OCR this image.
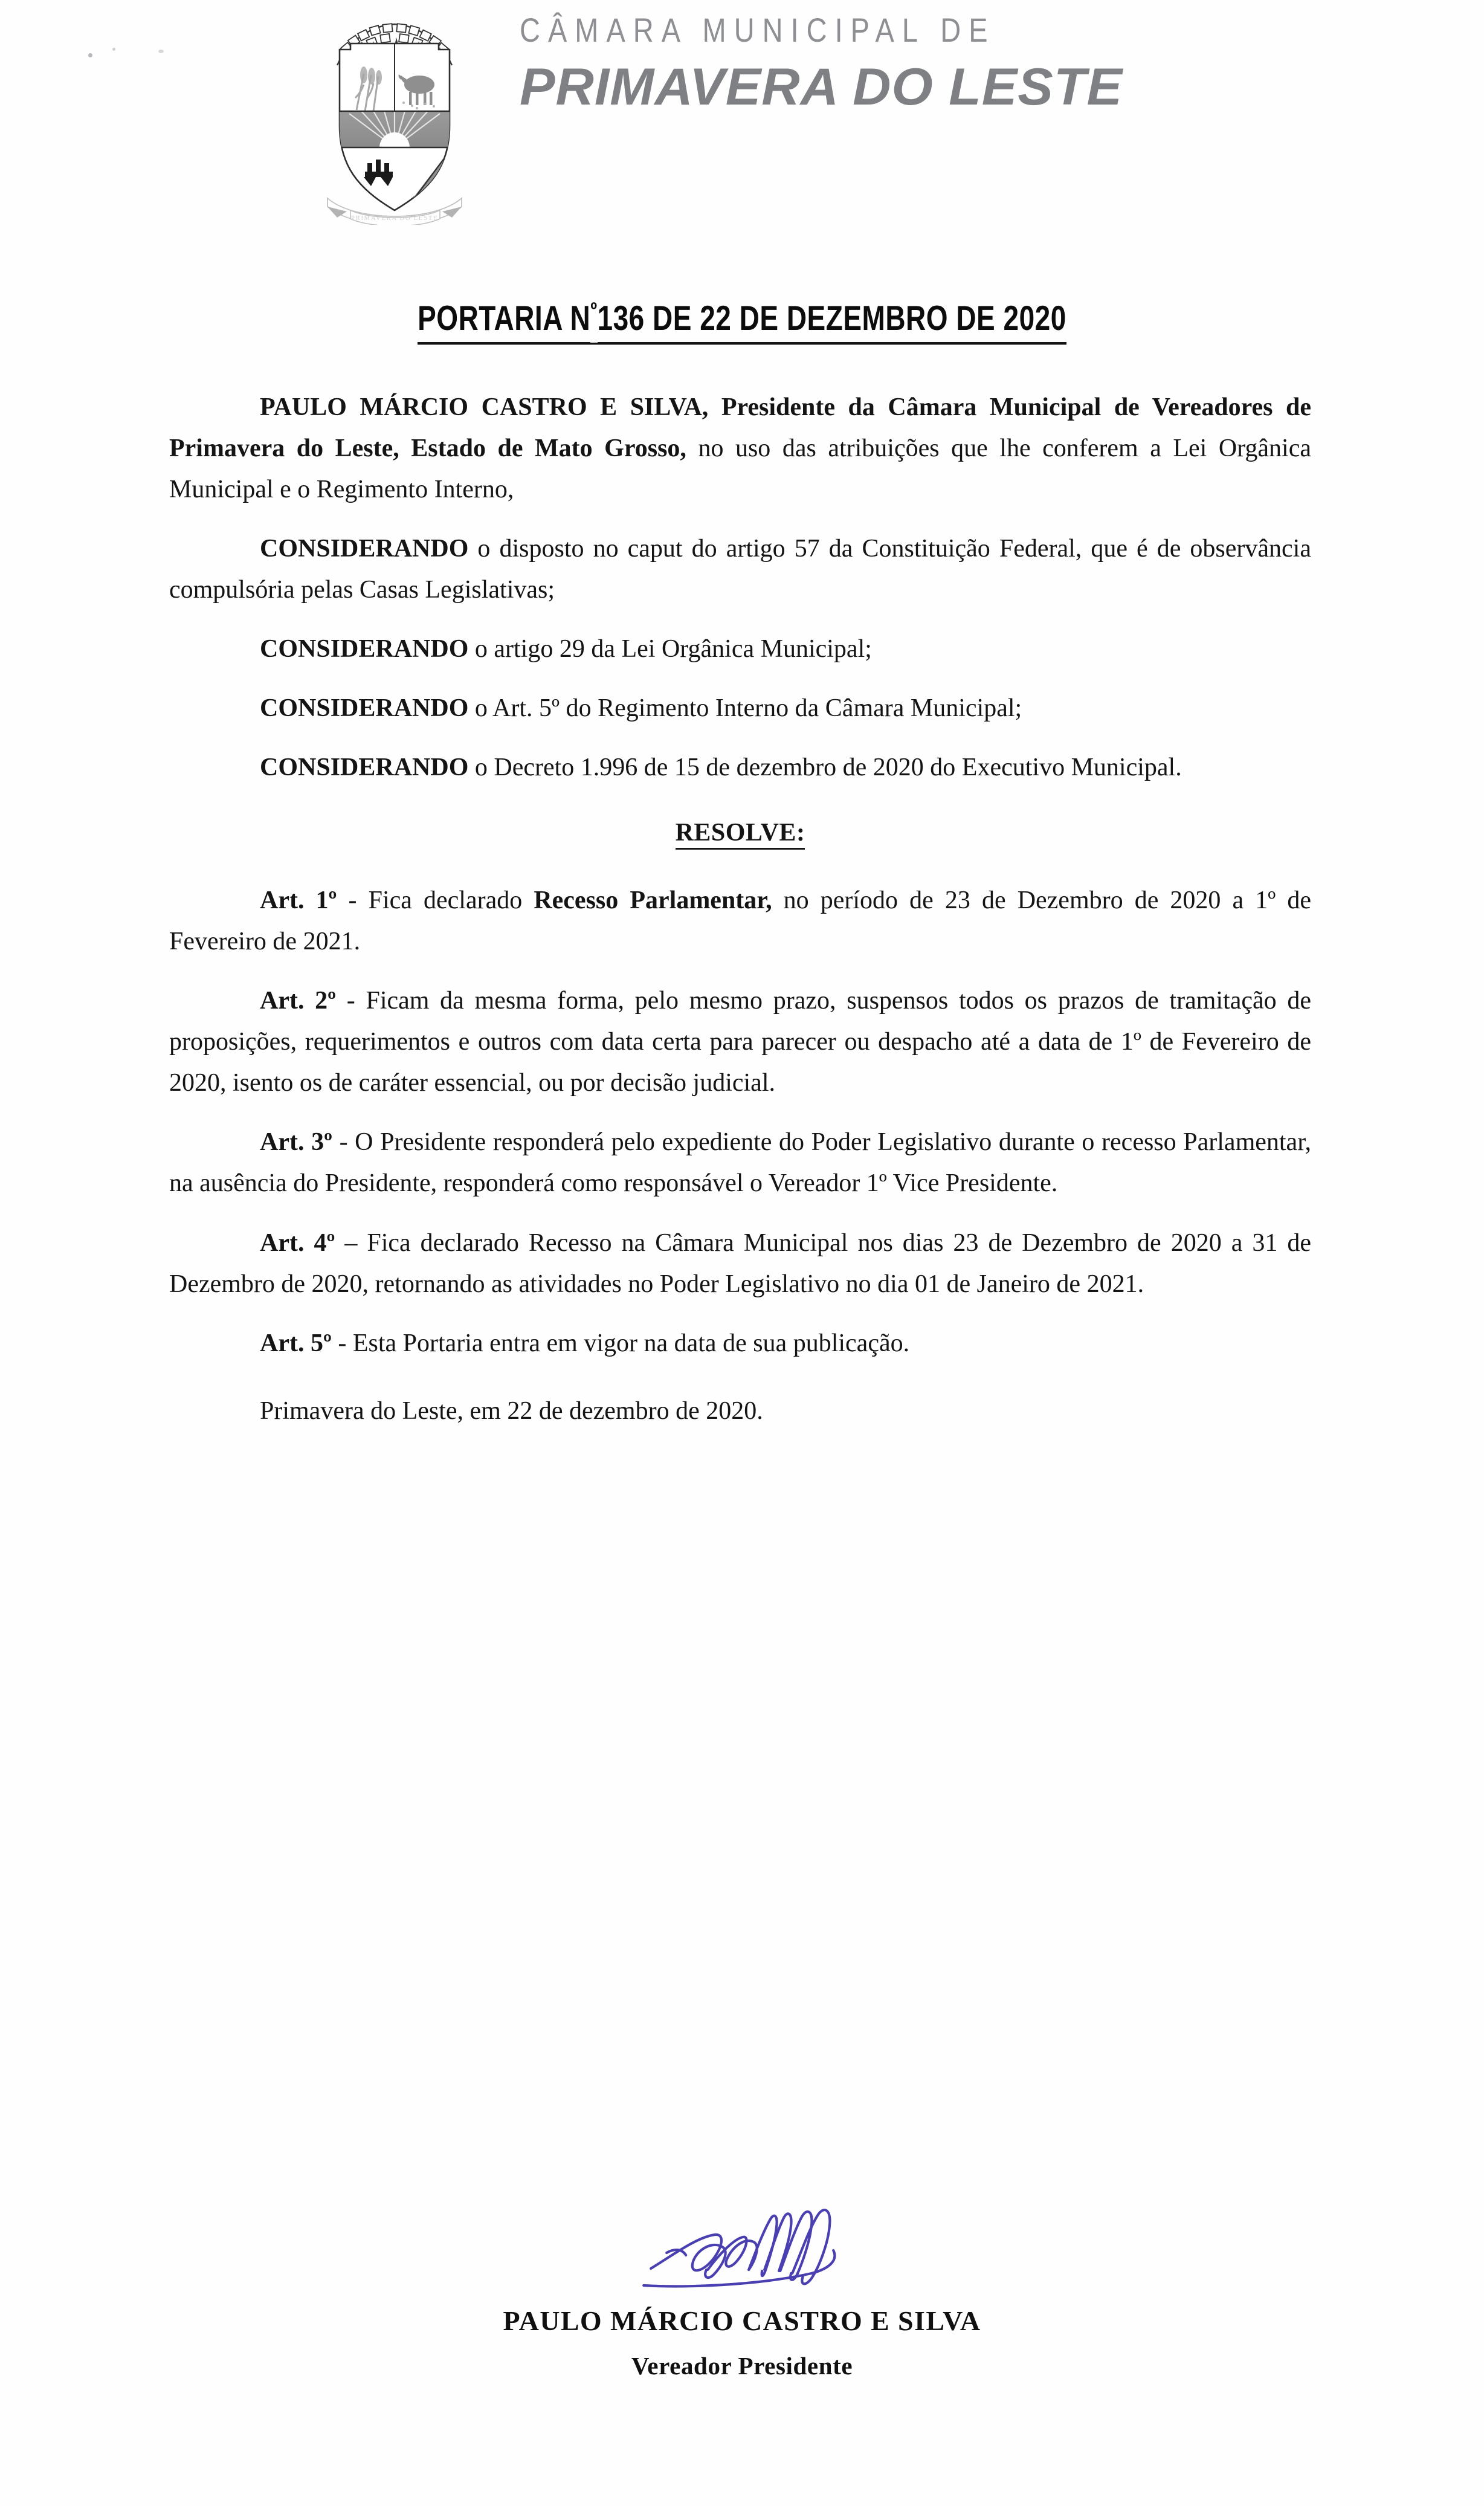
PRIMAVERA DO LESTE
CÂMARA MUNICIPAL DE
PRIMAVERA DO LESTE
PORTARIA $N^º136$ DE 22 DE DEZEMBRO DE 2020

PAULO MÁRCIO CASTRO E SILVA, Presidente da Câmara Municipal de Vereadores de Primavera do Leste, Estado de Mato Grosso, no uso das atribuições que lhe conferem a Lei Orgânica Municipal e o Regimento Interno,

CONSIDERANDO o disposto no caput do artigo 57 da Constituição Federal, que é de observância compulsória pelas Casas Legislativas;

CONSIDERANDO o artigo 29 da Lei Orgânica Municipal;

CONSIDERANDO o Art. 5º do Regimento Interno da Câmara Municipal;

CONSIDERANDO o Decreto 1.996 de 15 de dezembro de 2020 do Executivo Municipal.

RESOLVE:

Art. 1º - Fica declarado Recesso Parlamentar, no período de 23 de Dezembro de 2020 a 1º de Fevereiro de 2021.

Art. 2º - Ficam da mesma forma, pelo mesmo prazo, suspensos todos os prazos de tramitação de proposições, requerimentos e outros com data certa para parecer ou despacho até a data de 1º de Fevereiro de 2020, isento os de caráter essencial, ou por decisão judicial.

Art. 3º - O Presidente responderá pelo expediente do Poder Legislativo durante o recesso Parlamentar, na ausência do Presidente, responderá como responsável o Vereador 1º Vice Presidente.

Art. 4º – Fica declarado Recesso na Câmara Municipal nos dias 23 de Dezembro de 2020 a 31 de Dezembro de 2020, retornando as atividades no Poder Legislativo no dia 01 de Janeiro de 2021.

Art. 5º - Esta Portaria entra em vigor na data de sua publicação.

Primavera do Leste, em 22 de dezembro de 2020.

PAULO MÁRCIO CASTRO E SILVA
Vereador Presidente
